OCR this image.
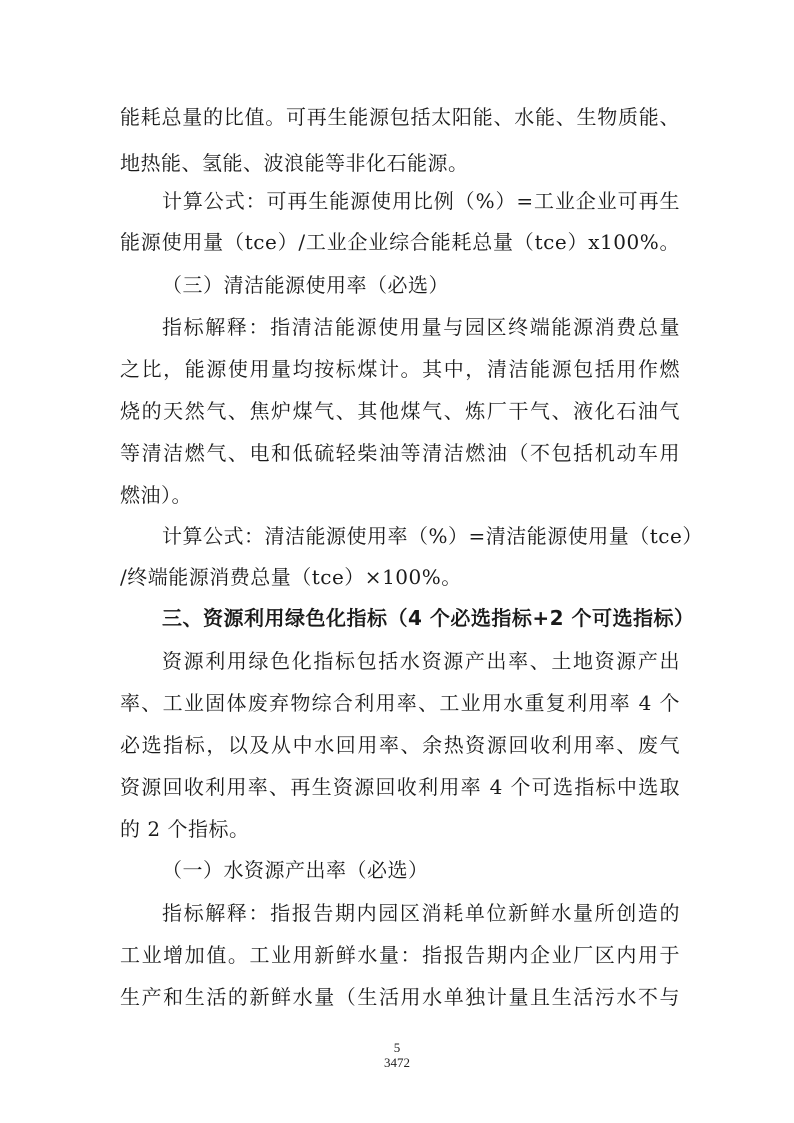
能耗总量的比值。可再生能源包括太阳能、水能、生物质能、
地热能、氢能、波浪能等非化石能源。
计算公式：可再生能源使用比例（%）=工业企业可再生
能源使用量（tce）/工业企业综合能耗总量（tce）x100%。
（三）清洁能源使用率（必选）
指标解释：指清洁能源使用量与园区终端能源消费总量
之比，能源使用量均按标煤计。其中，清洁能源包括用作燃
烧的天然气、焦炉煤气、其他煤气、炼厂干气、液化石油气
等清洁燃气、电和低硫轻柴油等清洁燃油（不包括机动车用
燃油）。
计算公式：清洁能源使用率（%）=清洁能源使用量（tce）
/终端能源消费总量（tce）×100%。
三、资源利用绿色化指标（4 个必选指标+2 个可选指标）
资源利用绿色化指标包括水资源产出率、土地资源产出
率、工业固体废弃物综合利用率、工业用水重复利用率 4 个
必选指标，以及从中水回用率、余热资源回收利用率、废气
资源回收利用率、再生资源回收利用率 4 个可选指标中选取
的 2 个指标。
（一）水资源产出率（必选）
指标解释：指报告期内园区消耗单位新鲜水量所创造的
工业增加值。工业用新鲜水量：指报告期内企业厂区内用于
生产和生活的新鲜水量（生活用水单独计量且生活污水不与
5
3472
